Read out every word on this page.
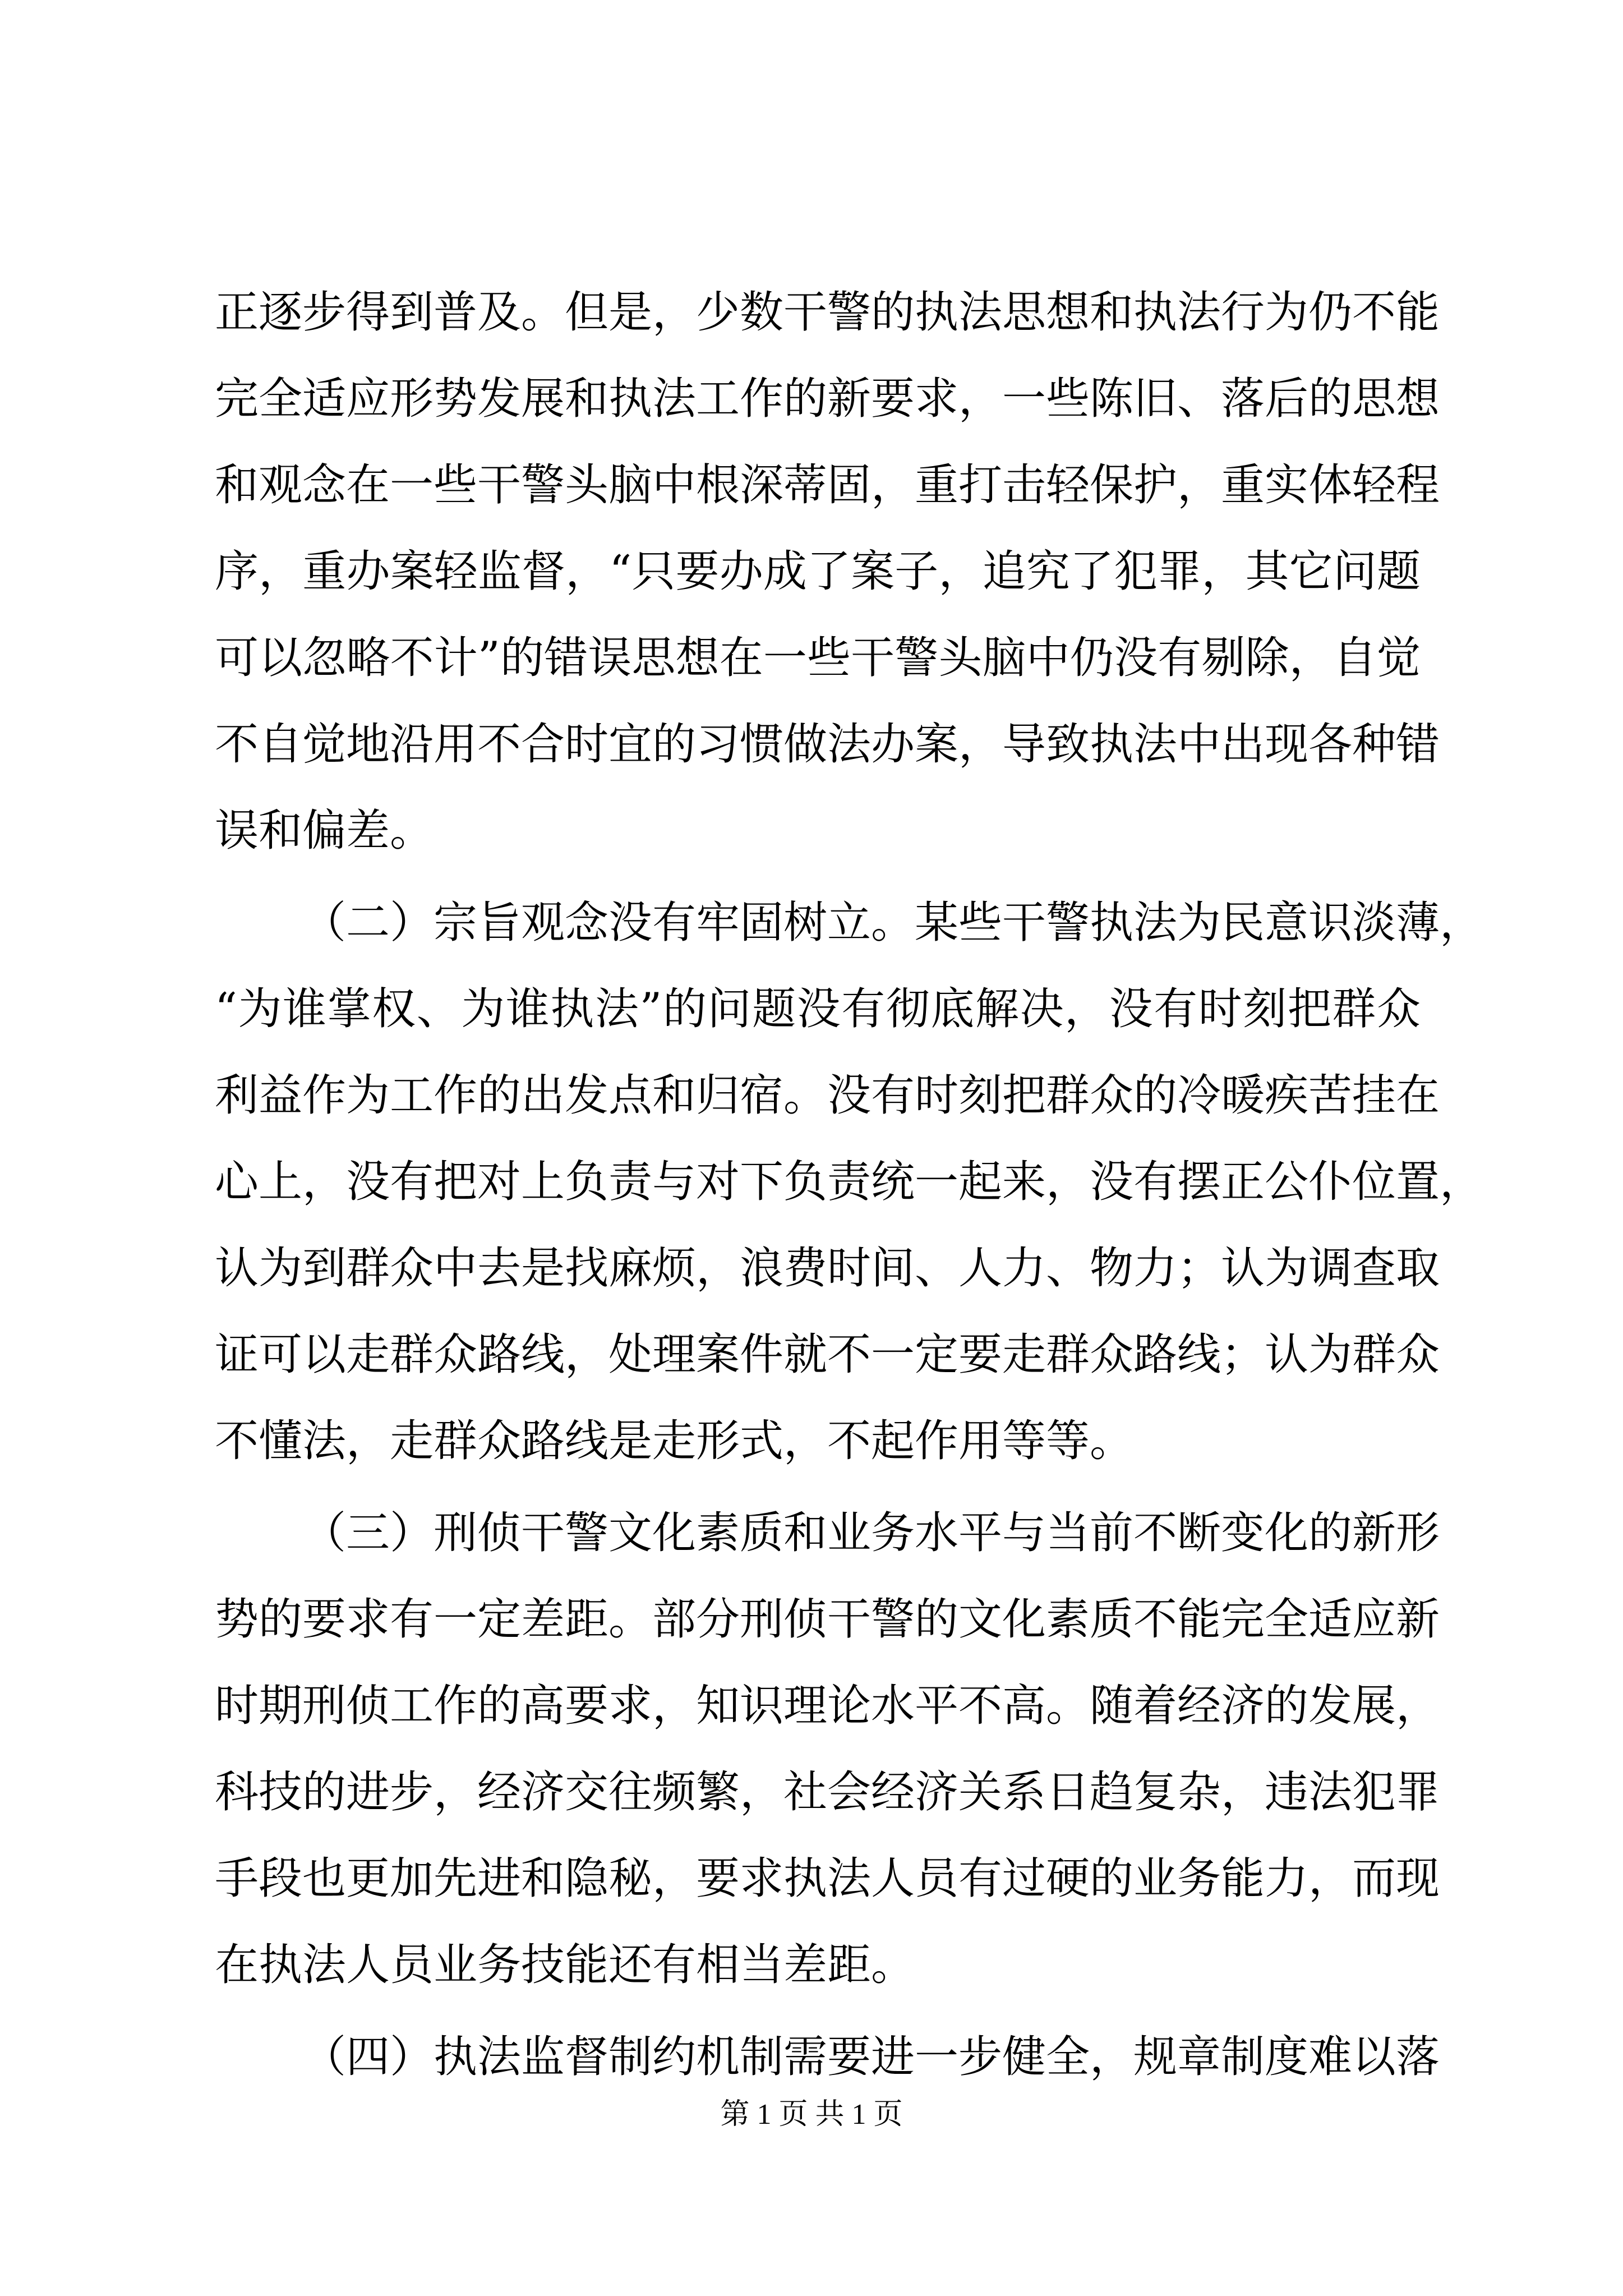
正逐步得到普及。但是，少数干警的执法思想和执法行为仍不能
完全适应形势发展和执法工作的新要求，一些陈旧、落后的思想
和观念在一些干警头脑中根深蒂固，重打击轻保护，重实体轻程
序，重办案轻监督，“只要办成了案子，追究了犯罪，其它问题
可以忽略不计”的错误思想在一些干警头脑中仍没有剔除，自觉
不自觉地沿用不合时宜的习惯做法办案，导致执法中出现各种错
误和偏差。
（二）宗旨观念没有牢固树立。某些干警执法为民意识淡薄，
“为谁掌权、为谁执法”的问题没有彻底解决，没有时刻把群众
利益作为工作的出发点和归宿。没有时刻把群众的冷暖疾苦挂在
心上，没有把对上负责与对下负责统一起来，没有摆正公仆位置，
认为到群众中去是找麻烦，浪费时间、人力、物力；认为调查取
证可以走群众路线，处理案件就不一定要走群众路线；认为群众
不懂法，走群众路线是走形式，不起作用等等。
（三）刑侦干警文化素质和业务水平与当前不断变化的新形
势的要求有一定差距。部分刑侦干警的文化素质不能完全适应新
时期刑侦工作的高要求，知识理论水平不高。随着经济的发展，
科技的进步，经济交往频繁，社会经济关系日趋复杂，违法犯罪
手段也更加先进和隐秘，要求执法人员有过硬的业务能力，而现
在执法人员业务技能还有相当差距。
（四）执法监督制约机制需要进一步健全，规章制度难以落
第 1 页 共 1 页
